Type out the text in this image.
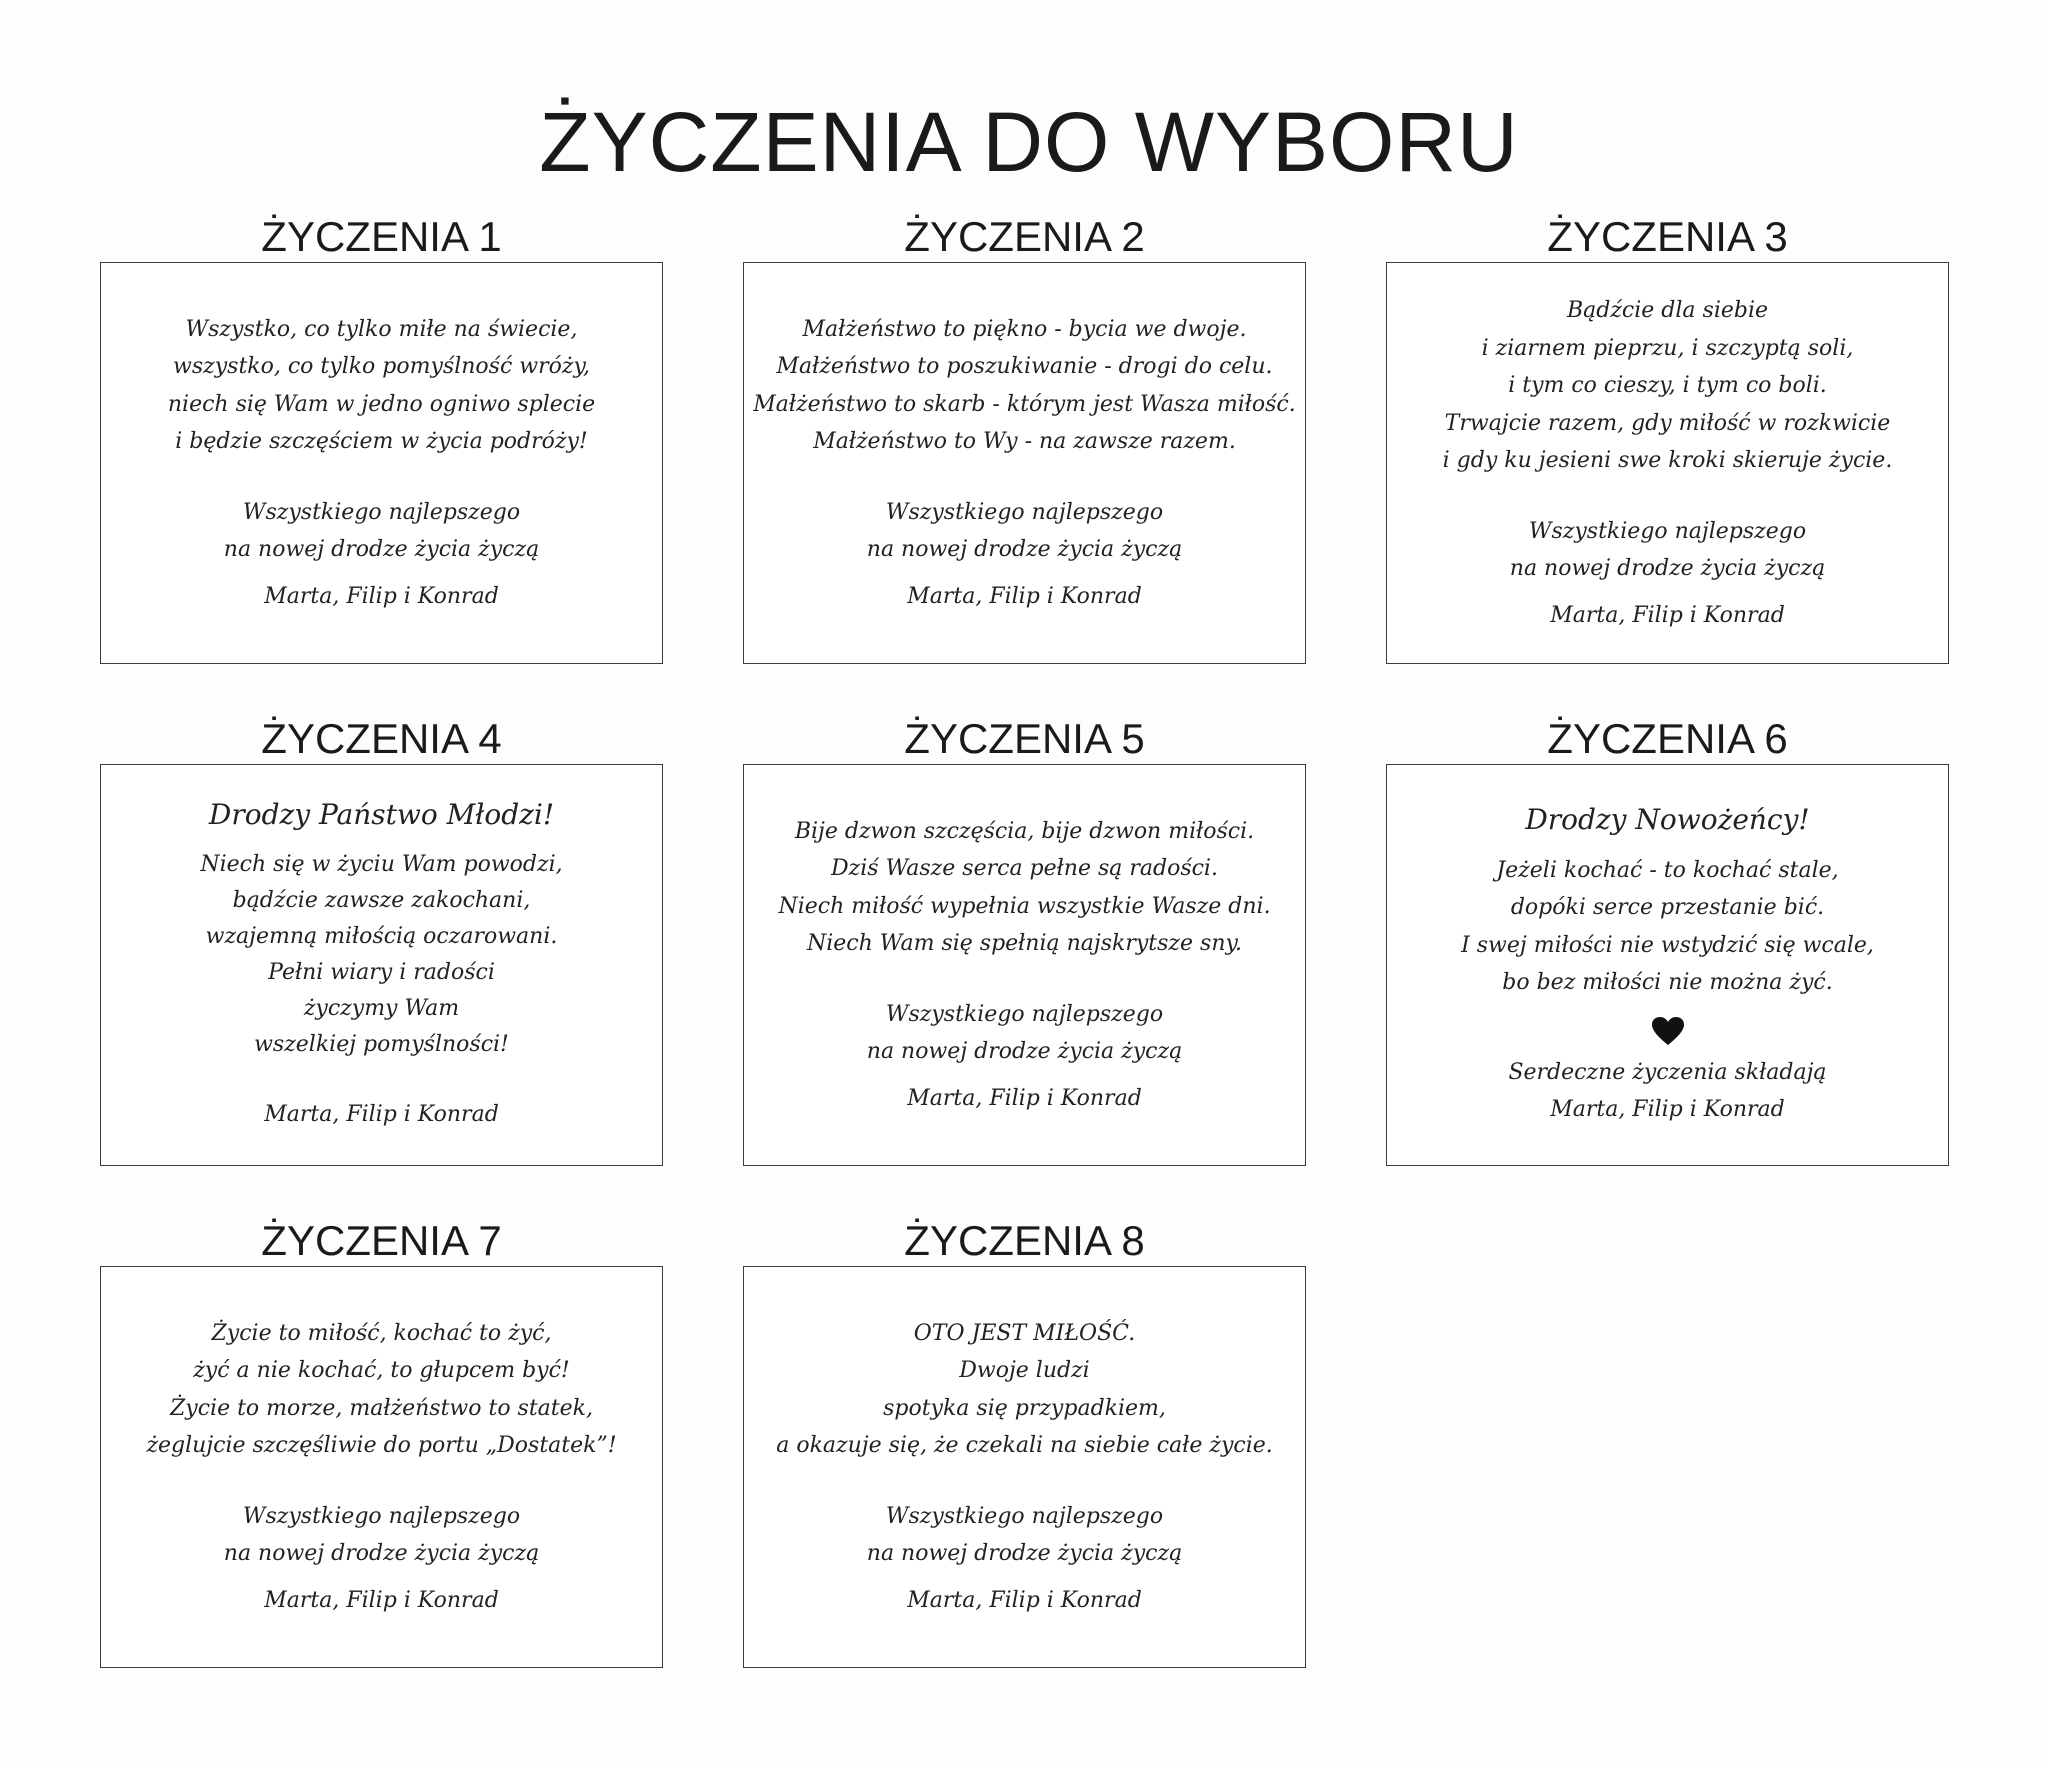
ŻYCZENIA DO WYBORU
ŻYCZENIA 1
Wszystko, co tylko miłe na świecie,
wszystko, co tylko pomyślność wróży,
niech się Wam w jedno ogniwo splecie
i będzie szczęściem w życia podróży!
Wszystkiego najlepszego
na nowej drodze życia życzą
Marta, Filip i Konrad
ŻYCZENIA 2
Małżeństwo to piękno - bycia we dwoje.
Małżeństwo to poszukiwanie - drogi do celu.
Małżeństwo to skarb - którym jest Wasza miłość.
Małżeństwo to Wy - na zawsze razem.
Wszystkiego najlepszego
na nowej drodze życia życzą
Marta, Filip i Konrad
ŻYCZENIA 3
Bądźcie dla siebie
i ziarnem pieprzu, i szczyptą soli,
i tym co cieszy, i tym co boli.
Trwajcie razem, gdy miłość w rozkwicie
i gdy ku jesieni swe kroki skieruje życie.
Wszystkiego najlepszego
na nowej drodze życia życzą
Marta, Filip i Konrad
ŻYCZENIA 4
Drodzy Państwo Młodzi!
Niech się w życiu Wam powodzi,
bądźcie zawsze zakochani,
wzajemną miłością oczarowani.
Pełni wiary i radości
życzymy Wam
wszelkiej pomyślności!
Marta, Filip i Konrad
ŻYCZENIA 5
Bije dzwon szczęścia, bije dzwon miłości.
Dziś Wasze serca pełne są radości.
Niech miłość wypełnia wszystkie Wasze dni.
Niech Wam się spełnią najskrytsze sny.
Wszystkiego najlepszego
na nowej drodze życia życzą
Marta, Filip i Konrad
ŻYCZENIA 6
Drodzy Nowożeńcy!
Jeżeli kochać - to kochać stale,
dopóki serce przestanie bić.
I swej miłości nie wstydzić się wcale,
bo bez miłości nie można żyć.
Serdeczne życzenia składają
Marta, Filip i Konrad
ŻYCZENIA 7
Życie to miłość, kochać to żyć,
żyć a nie kochać, to głupcem być!
Życie to morze, małżeństwo to statek,
żeglujcie szczęśliwie do portu „Dostatek”!
Wszystkiego najlepszego
na nowej drodze życia życzą
Marta, Filip i Konrad
ŻYCZENIA 8
OTO JEST MIŁOŚĆ.
Dwoje ludzi
spotyka się przypadkiem,
a okazuje się, że czekali na siebie całe życie.
Wszystkiego najlepszego
na nowej drodze życia życzą
Marta, Filip i Konrad
